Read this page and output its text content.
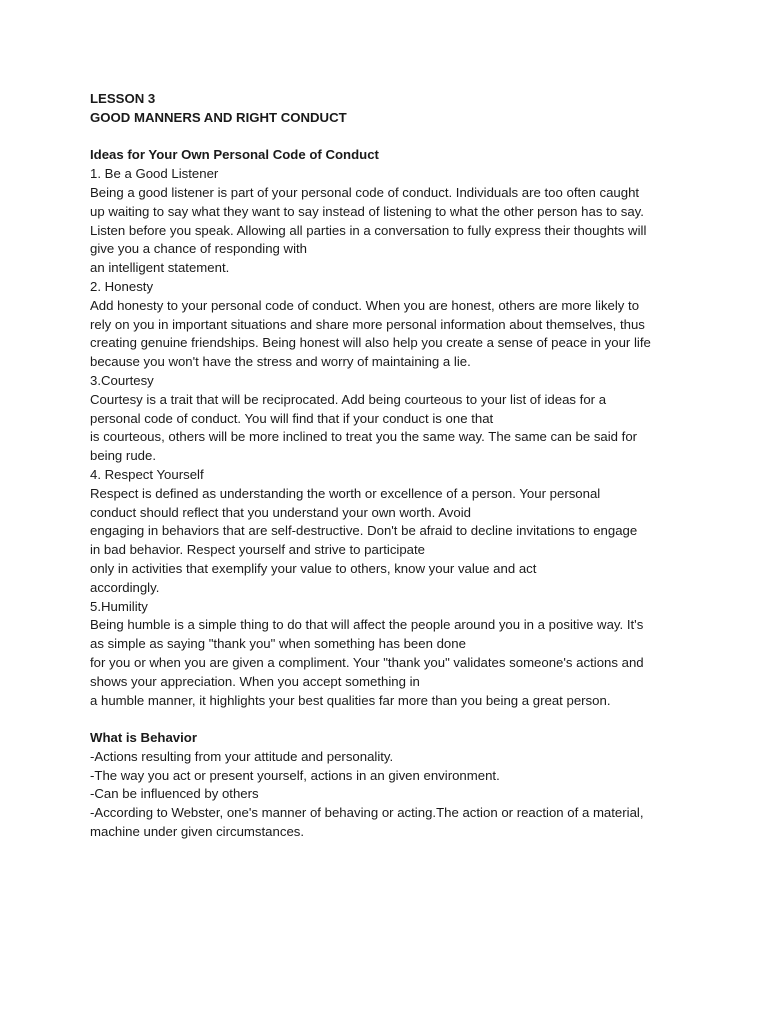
LESSON 3
GOOD MANNERS AND RIGHT CONDUCT
Ideas for Your Own Personal Code of Conduct
1. Be a Good Listener
Being a good listener is part of your personal code of conduct. Individuals are too often caught
up waiting to say what they want to say instead of listening to what the other person has to say.
Listen before you speak. Allowing all parties in a conversation to fully express their thoughts will
give you a chance of responding with
an intelligent statement.
2. Honesty
Add honesty to your personal code of conduct. When you are honest, others are more likely to
rely on you in important situations and share more personal information about themselves, thus
creating genuine friendships. Being honest will also help you create a sense of peace in your life
because you won't have the stress and worry of maintaining a lie.
3.Courtesy
Courtesy is a trait that will be reciprocated. Add being courteous to your list of ideas for a
personal code of conduct. You will find that if your conduct is one that
is courteous, others will be more inclined to treat you the same way. The same can be said for
being rude.
4. Respect Yourself
Respect is defined as understanding the worth or excellence of a person. Your personal
conduct should reflect that you understand your own worth. Avoid
engaging in behaviors that are self-destructive. Don't be afraid to decline invitations to engage
in bad behavior. Respect yourself and strive to participate
only in activities that exemplify your value to others, know your value and act
accordingly.
5.Humility
Being humble is a simple thing to do that will affect the people around you in a positive way. It's
as simple as saying "thank you" when something has been done
for you or when you are given a compliment. Your "thank you" validates someone's actions and
shows your appreciation. When you accept something in
a humble manner, it highlights your best qualities far more than you being a great person.
What is Behavior
-Actions resulting from your attitude and personality.
-The way you act or present yourself, actions in an given environment.
-Can be influenced by others
-According to Webster, one's manner of behaving or acting.The action or reaction of a material,
machine under given circumstances.
